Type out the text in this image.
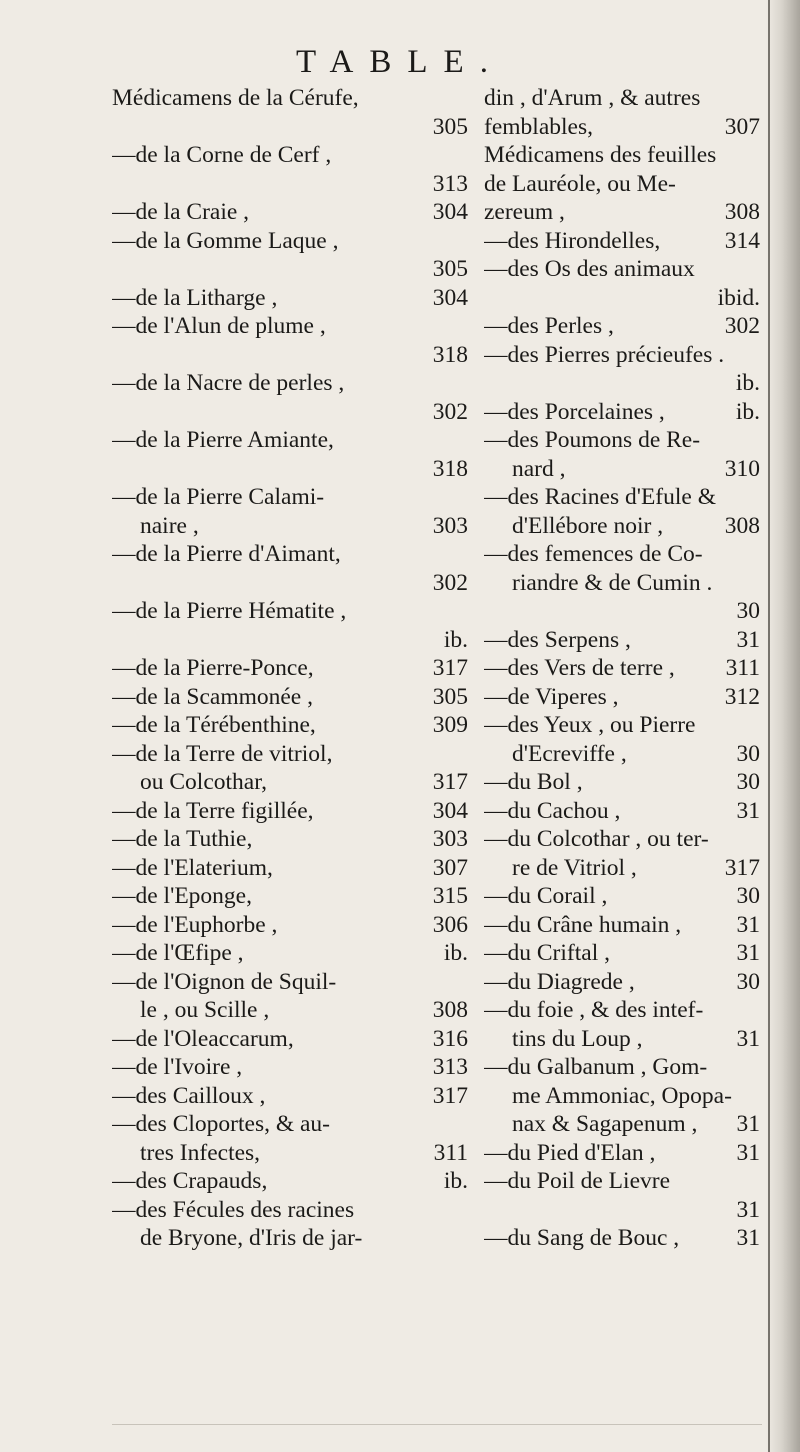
TABLE.
Médicamens de la Cérufe,
305
—de la Corne de Cerf ,
313
304
—de la Craie ,
—de la Gomme Laque ,
305
304
—de la Litharge ,
—de l'Alun de plume ,
318
—de la Nacre de perles ,
302
—de la Pierre Amiante,
318
—de la Pierre Calami-
303
naire ,
—de la Pierre d'Aimant,
302
—de la Pierre Hématite ,
ib.
317
—de la Pierre-Ponce,
305
—de la Scammonée ,
309
—de la Térébenthine,
—de la Terre de vitriol,
317
ou Colcothar,
304
—de la Terre figillée,
303
—de la Tuthie,
307
—de l'Elaterium,
315
—de l'Eponge,
306
—de l'Euphorbe ,
ib.
—de l'Œfipe ,
—de l'Oignon de Squil-
308
le , ou Scille ,
316
—de l'Oleaccarum,
313
—de l'Ivoire ,
317
—des Cailloux ,
—des Cloportes, & au-
311
tres Infectes,
ib.
—des Crapauds,
—des Fécules des racines
de Bryone, d'Iris de jar-
din , d'Arum , & autres
307
femblables,
Médicamens des feuilles
de Lauréole, ou Me-
308
zereum ,
314
—des Hirondelles,
—des Os des animaux
ibid.
302
—des Perles ,
—des Pierres précieufes .
ib.
ib.
—des Porcelaines ,
—des Poumons de Re-
310
nard ,
—des Racines d'Efule &
308
d'Ellébore noir ,
—des femences de Co-
riandre & de Cumin .
30
31
—des Serpens ,
311
—des Vers de terre ,
312
—de Viperes ,
—des Yeux , ou Pierre
30
d'Ecreviffe ,
30
—du Bol ,
31
—du Cachou ,
—du Colcothar , ou ter-
317
re de Vitriol ,
30
—du Corail ,
31
—du Crâne humain ,
31
—du Criftal ,
30
—du Diagrede ,
—du foie , & des intef-
31
tins du Loup ,
—du Galbanum , Gom-
me Ammoniac, Opopa-
31
nax & Sagapenum ,
31
—du Pied d'Elan ,
—du Poil de Lievre
31
31
—du Sang de Bouc ,
